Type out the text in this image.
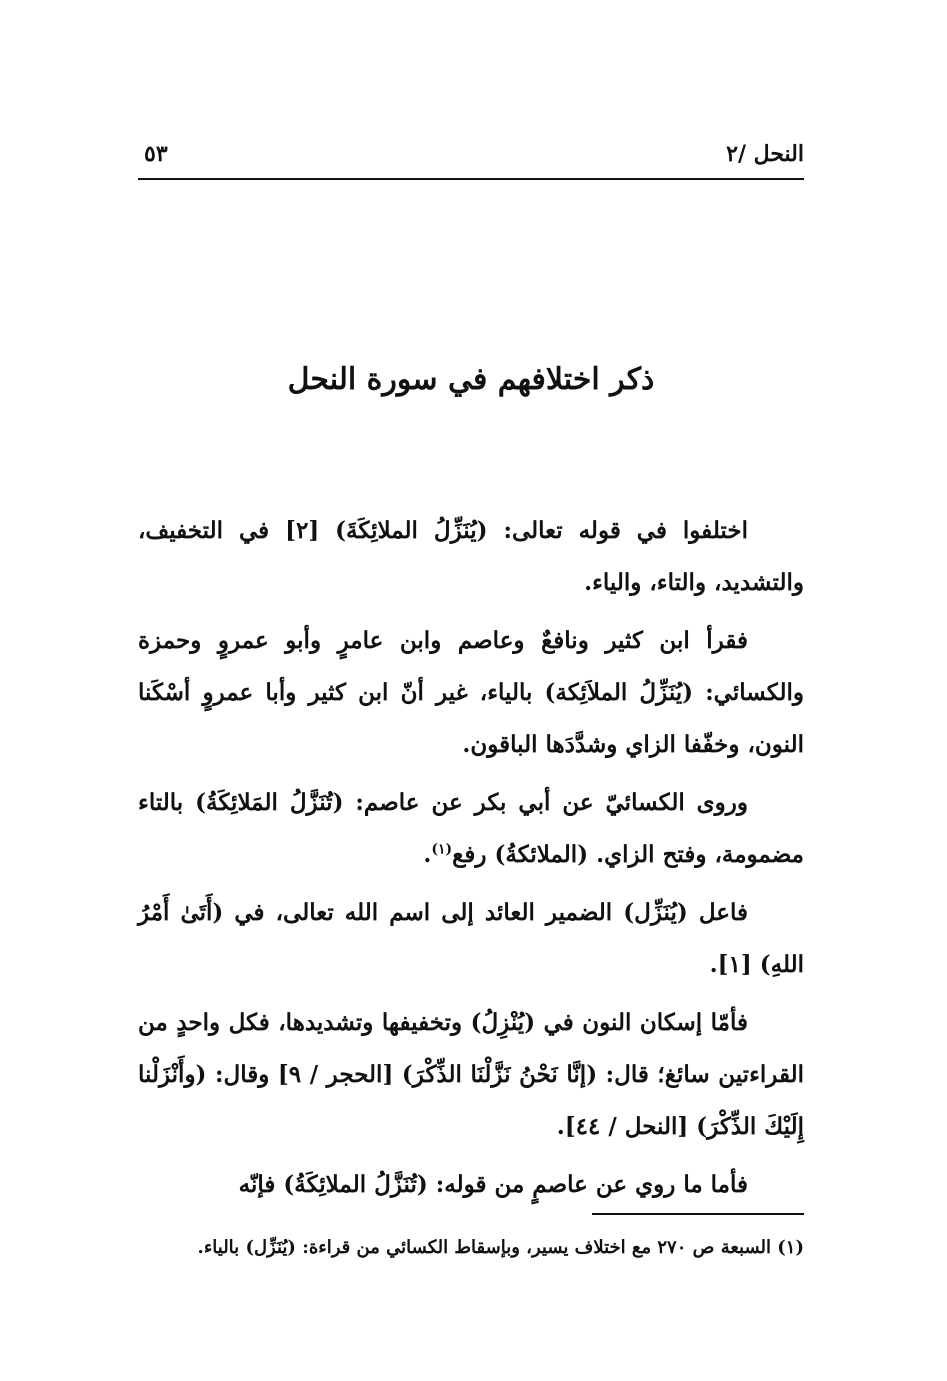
النحل /٢
٥٣
ذكر اختلافهم في سورة النحل

اختلفوا في قوله تعالى: (يُنَزِّلُ الملائِكَةَ) [٢] في التخفيف، والتشديد، والتاء، والياء.

فقرأ ابن كثير ونافعٌ وعاصم وابن عامرٍ وأبو عمروٍ وحمزة والكسائي: (يُنَزِّلُ الملاَئِكة) بالياء، غير أنّ ابن كثير وأبا عمروٍ أسْكَنا النون، وخفّفا الزاي وشدَّدَها الباقون.

وروى الكسائيّ عن أبي بكر عن عاصم: (تُنَزَّلُ المَلائِكَةُ) بالتاء مضمومة، وفتح الزاي. (الملائكةُ) رفع$^{(١)}$.

فاعل (يُنَزِّل) الضمير العائد إلى اسم الله تعالى، في (أَتَىٰ أَمْرُ اللهِ) [١].

فأمّا إسكان النون في (يُنْزِلُ) وتخفيفها وتشديدها، فكل واحدٍ من القراءتين سائغ؛ قال: (إنَّا نَحْنُ نَزَّلْنَا الذِّكْرَ) [الحجر / ٩] وقال: (وأَنْزَلْنا إِلَيْكَ الذِّكْرَ) [النحل / ٤٤].

فأما ما روي عن عاصمٍ من قوله: (تُنَزَّلُ الملائِكَةُ) فإنّه

(١) السبعة ص ٢٧٠ مع اختلاف يسير، وبإسقاط الكسائي من قراءة: (يُنَزِّل) بالياء.
